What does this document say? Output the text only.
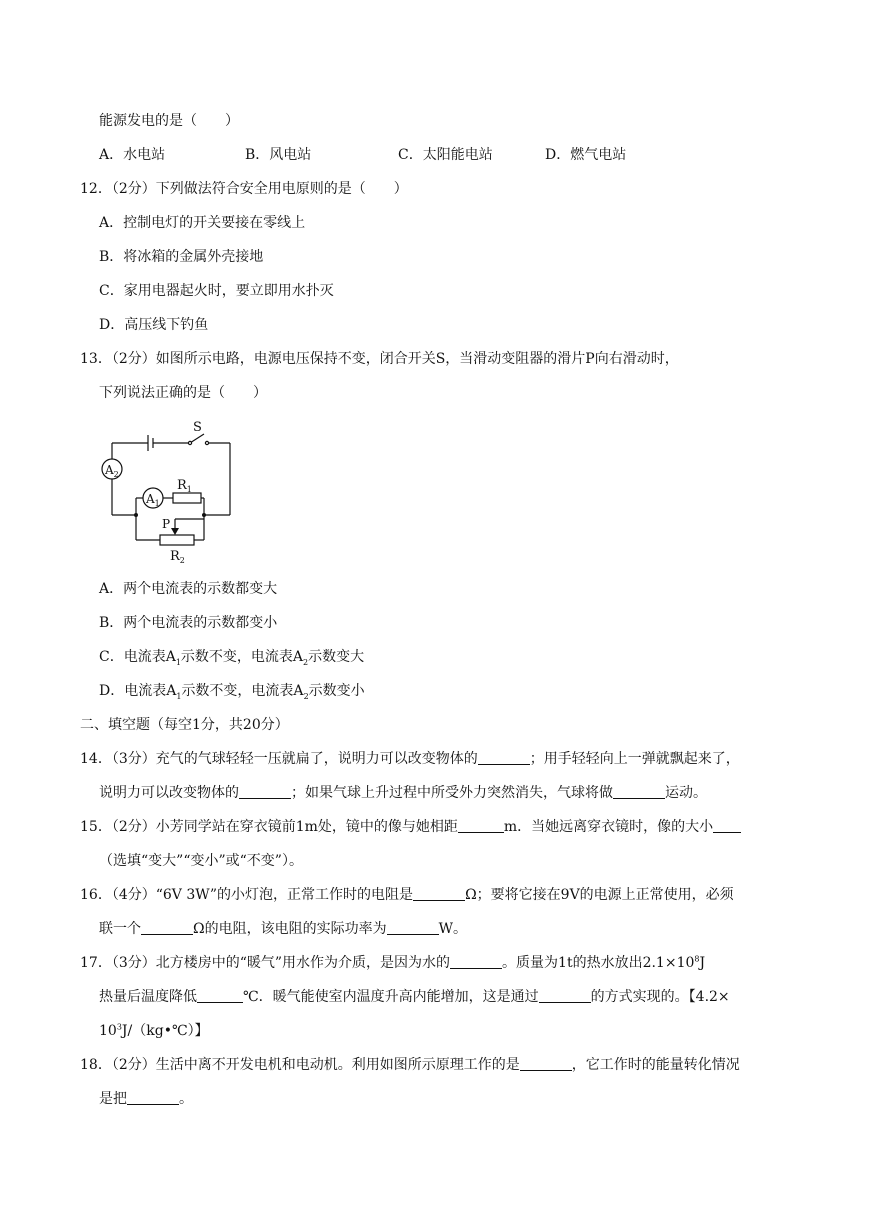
能源发电的是（　　）
A．水电站	B．风电站	C．太阳能电站	D．燃气电站
12．（2分）下列做法符合安全用电原则的是（　　）
A．控制电灯的开关要接在零线上
B．将冰箱的金属外壳接地
C．家用电器起火时，要立即用水扑灭
D．高压线下钓鱼
13．（2分）如图所示电路，电源电压保持不变，闭合开关S，当滑动变阻器的滑片P向右滑动时，
下列说法正确的是（　　）
S
$A_2$
$A_1$
$R_1$
P
$R_2$
A．两个电流表的示数都变大
B．两个电流表的示数都变小
C．电流表$A_1$示数不变，电流表$A_2$示数变大
D．电流表$A_1$示数不变，电流表$A_2$示数变小
二、填空题（每空1分，共20分）
14．（3分）充气的气球轻轻一压就扁了，说明力可以改变物体的	；用手轻轻向上一弹就飘起来了，
说明力可以改变物体的	；如果气球上升过程中所受外力突然消失，气球将做	运动。
15．（2分）小芳同学站在穿衣镜前1m处，镜中的像与她相距	m．当她远离穿衣镜时，像的大小
（选填“变大”“变小”或“不变”）。
16．（4分）“6V 3W”的小灯泡，正常工作时的电阻是	Ω；要将它接在9V的电源上正常使用，必须
联一个	Ω的电阻，该电阻的实际功率为	W。
17．（3分）北方楼房中的“暖气”用水作为介质，是因为水的	。质量为1t的热水放出$2.1\times 10^8J$
热量后温度降低	℃．暖气能使室内温度升高内能增加，这是通过	的方式实现的。【4.2×
$10^3J/(kg•℃)$】
18．（2分）生活中离不开发电机和电动机。利用如图所示原理工作的是	，它工作时的能量转化情况
是把	。
